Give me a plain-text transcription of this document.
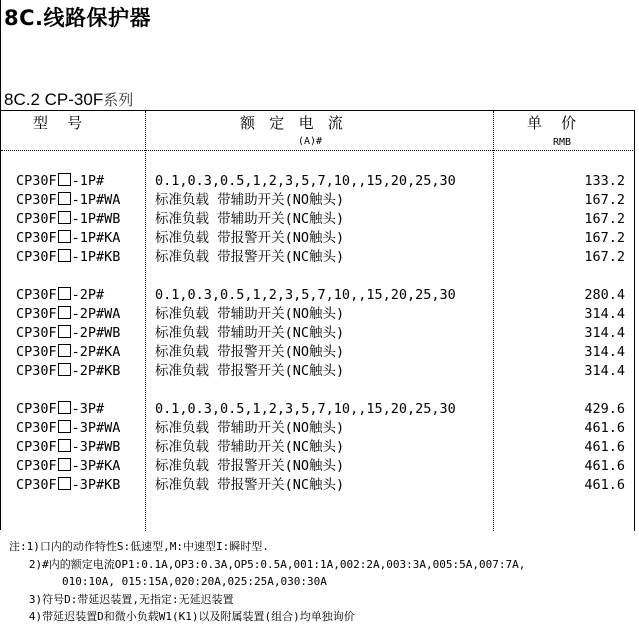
8C.线路保护器
8C.2 CP-30F系列
型    号	额   定   电   流
(A)#
单    价
RMB
CP30F -1P#	0.1,0.3,0.5,1,2,3,5,7,10,,15,20,25,30	133.2
CP30F -1P#WA	标准负载 带辅助开关(NO触头)	167.2
CP30F -1P#WB	标准负载 带辅助开关(NC触头)	167.2
CP30F -1P#KA	标准负载 带报警开关(NO触头)	167.2
CP30F -1P#KB	标准负载 带报警开关(NC触头)	167.2
CP30F -2P#	0.1,0.3,0.5,1,2,3,5,7,10,,15,20,25,30	280.4
CP30F -2P#WA	标准负载 带辅助开关(NO触头)	314.4
CP30F -2P#WB	标准负载 带辅助开关(NC触头)	314.4
CP30F -2P#KA	标准负载 带报警开关(NO触头)	314.4
CP30F -2P#KB	标准负载 带报警开关(NC触头)	314.4
CP30F -3P#	0.1,0.3,0.5,1,2,3,5,7,10,,15,20,25,30	429.6
CP30F -3P#WA	标准负载 带辅助开关(NO触头)	461.6
CP30F -3P#WB	标准负载 带辅助开关(NC触头)	461.6
CP30F -3P#KA	标准负载 带报警开关(NO触头)	461.6
CP30F -3P#KB	标准负载 带报警开关(NC触头)	461.6
注:1)口内的动作特性S:低速型,M:中速型I:瞬时型.
2)#内的额定电流OP1:0.1A,OP3:0.3A,OP5:0.5A,001:1A,002:2A,003:3A,005:5A,007:7A,
010:10A, 015:15A,020:20A,025:25A,030:30A
3)符号D:带延迟装置,无指定:无延迟装置
4)带延迟装置D和微小负载W1(K1)以及附属装置(组合)均单独询价
